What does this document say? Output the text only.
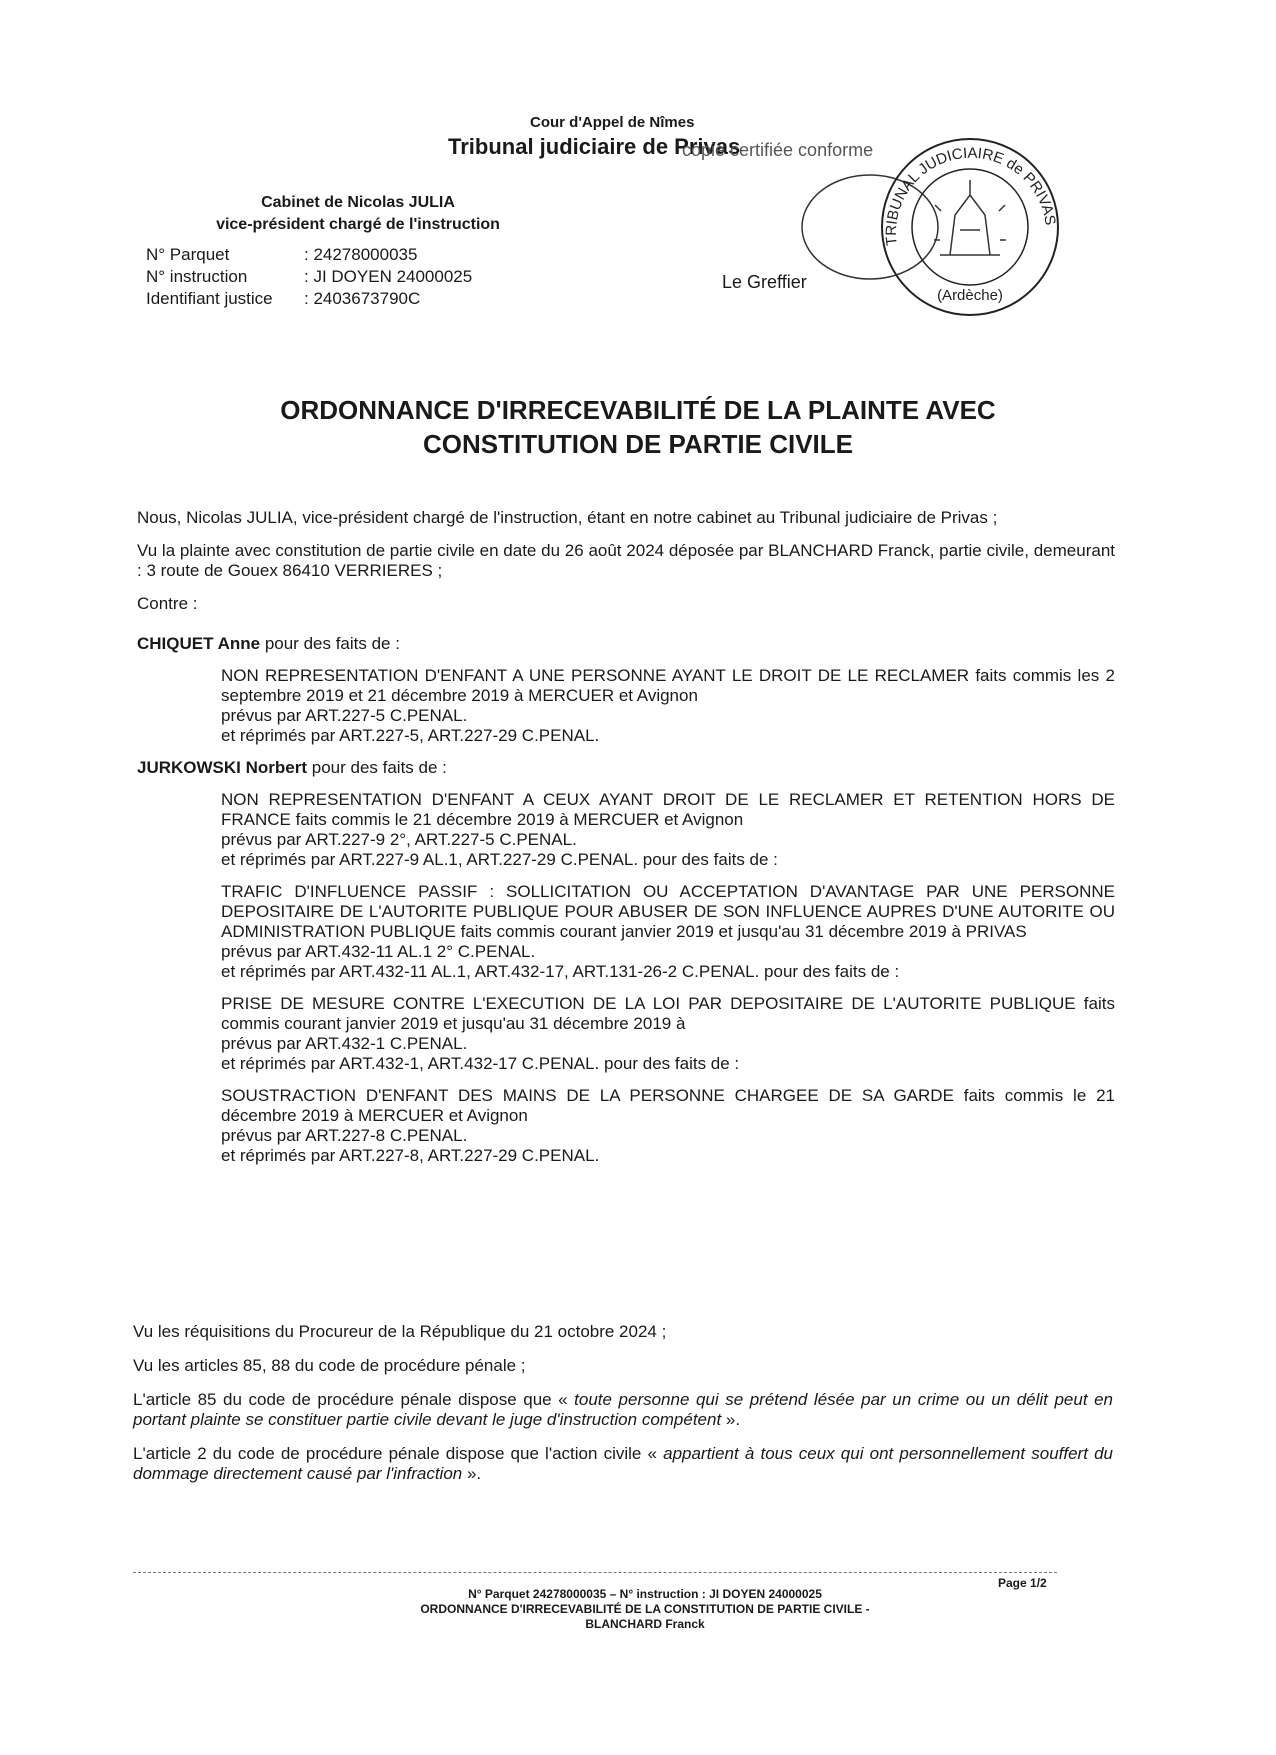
Cour d'Appel de Nîmes
Tribunal judiciaire de Privas
copie certifiée conforme
Cabinet de Nicolas JULIA
vice-président chargé de l'instruction
N° Parquet	: 24278000035
N° instruction	: JI DOYEN 24000025
Identifiant justice	: 2403673790C
Le Greffier
TRIBUNAL JUDICIAIRE de PRIVAS
(Ardèche)
ORDONNANCE D'IRRECEVABILITÉ DE LA PLAINTE AVEC
CONSTITUTION DE PARTIE CIVILE

Nous, Nicolas JULIA, vice-président chargé de l'instruction, étant en notre cabinet au Tribunal judiciaire de Privas ;

Vu la plainte avec constitution de partie civile en date du 26 août 2024 déposée par BLANCHARD Franck, partie civile, demeurant : 3 route de Gouex 86410 VERRIERES ;

Contre :

CHIQUET Anne pour des faits de :
NON REPRESENTATION D'ENFANT A UNE PERSONNE AYANT LE DROIT DE LE RECLAMER faits commis les 2 septembre 2019 et 21 décembre 2019 à MERCUER et Avignon
prévus par ART.227-5 C.PENAL.
et réprimés par ART.227-5, ART.227-29 C.PENAL.
JURKOWSKI Norbert pour des faits de :
NON REPRESENTATION D'ENFANT A CEUX AYANT DROIT DE LE RECLAMER ET RETENTION HORS DE FRANCE faits commis le 21 décembre 2019 à MERCUER et Avignon
prévus par ART.227-9 2°, ART.227-5 C.PENAL.
et réprimés par ART.227-9 AL.1, ART.227-29 C.PENAL. pour des faits de :
TRAFIC D'INFLUENCE PASSIF : SOLLICITATION OU ACCEPTATION D'AVANTAGE PAR UNE PERSONNE DEPOSITAIRE DE L'AUTORITE PUBLIQUE POUR ABUSER DE SON INFLUENCE AUPRES D'UNE AUTORITE OU ADMINISTRATION PUBLIQUE faits commis courant janvier 2019 et jusqu'au 31 décembre 2019 à PRIVAS
prévus par ART.432-11 AL.1 2° C.PENAL.
et réprimés par ART.432-11 AL.1, ART.432-17, ART.131-26-2 C.PENAL. pour des faits de :
PRISE DE MESURE CONTRE L'EXECUTION DE LA LOI PAR DEPOSITAIRE DE L'AUTORITE PUBLIQUE faits commis courant janvier 2019 et jusqu'au 31 décembre 2019 à
prévus par ART.432-1 C.PENAL.
et réprimés par ART.432-1, ART.432-17 C.PENAL. pour des faits de :
SOUSTRACTION D'ENFANT DES MAINS DE LA PERSONNE CHARGEE DE SA GARDE faits commis le 21 décembre 2019 à MERCUER et Avignon
prévus par ART.227-8 C.PENAL.
et réprimés par ART.227-8, ART.227-29 C.PENAL.

Vu les réquisitions du Procureur de la République du 21 octobre 2024 ;

Vu les articles 85, 88 du code de procédure pénale ;

L'article 85 du code de procédure pénale dispose que « toute personne qui se prétend lésée par un crime ou un délit peut en portant plainte se constituer partie civile devant le juge d'instruction compétent ».

L'article 2 du code de procédure pénale dispose que l'action civile « appartient à tous ceux qui ont personnellement souffert du dommage directement causé par l'infraction ».

Page 1/2
N° Parquet 24278000035 – N° instruction : JI DOYEN 24000025
ORDONNANCE D'IRRECEVABILITÉ DE LA CONSTITUTION DE PARTIE CIVILE -
BLANCHARD Franck
